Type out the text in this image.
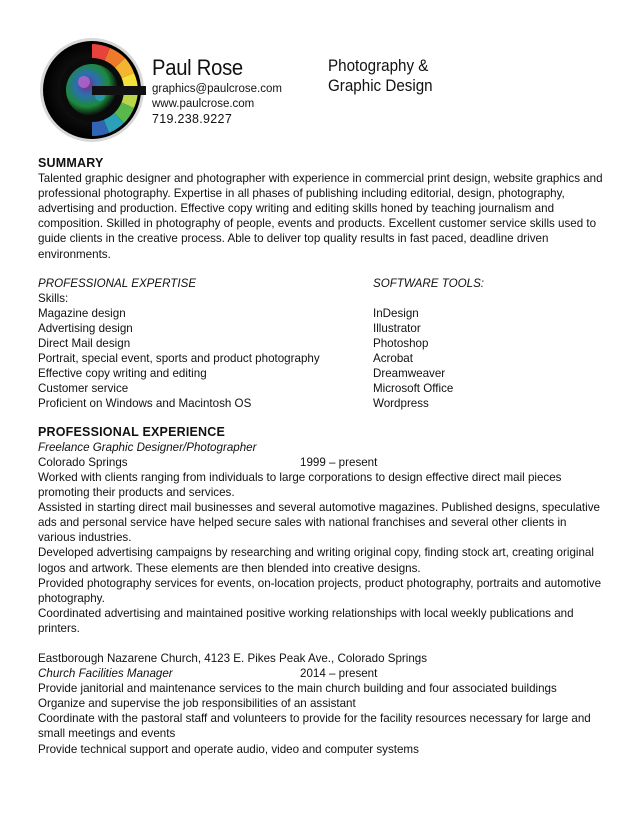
Paul Rose
graphics@paulcrose.com
www.paulcrose.com
719.238.9227
Photography &
Graphic Design
SUMMARY

Talented graphic designer and photographer with experience in commercial print design, website graphics and professional photography. Expertise in all phases of publishing including editorial, design, photography, advertising and production. Effective copy writing and editing skills honed by teaching journalism and composition. Skilled in photography of people, events and products. Excellent customer service skills used to guide clients in the creative process. Able to deliver top quality results in fast paced, deadline driven environments.

PROFESSIONAL EXPERTISE
Skills:
Magazine design
Advertising design
Direct Mail design
Portrait, special event, sports and product photography
Effective copy writing and editing
Customer service
Proficient on Windows and Macintosh OS
SOFTWARE TOOLS:
InDesign
Illustrator
Photoshop
Acrobat
Dreamweaver
Microsoft Office
Wordpress
PROFESSIONAL EXPERIENCE
Freelance Graphic Designer/Photographer
Colorado Springs	1999 – present

Worked with clients ranging from individuals to large corporations to design effective direct mail pieces promoting their products and services.

Assisted in starting direct mail businesses and several automotive magazines. Published designs, speculative ads and personal service have helped secure sales with national franchises and several other clients in various industries.

Developed advertising campaigns by researching and writing original copy, finding stock art, creating original logos and artwork. These elements are then blended into creative designs.

Provided photography services for events, on-location projects, product photography, portraits and automotive photography.

Coordinated advertising and maintained positive working relationships with local weekly publications and printers.

Eastborough Nazarene Church, 4123 E. Pikes Peak Ave., Colorado Springs
Church Facilities Manager	2014 – present

Provide janitorial and maintenance services to the main church building and four associated buildings

Organize and supervise the job responsibilities of an assistant

Coordinate with the pastoral staff and volunteers to provide for the facility resources necessary for large and small meetings and events

Provide technical support and operate audio, video and computer systems
